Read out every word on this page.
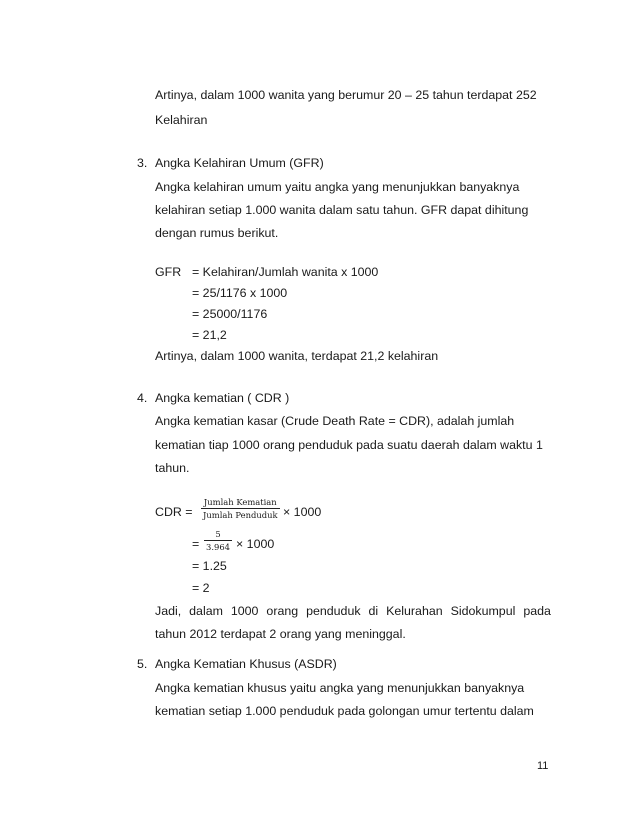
Artinya, dalam 1000 wanita yang berumur 20 – 25 tahun terdapat 252
Kelahiran
3. Angka Kelahiran Umum (GFR)
Angka kelahiran umum yaitu angka yang menunjukkan banyaknya
kelahiran setiap 1.000 wanita dalam satu tahun. GFR dapat dihitung
dengan rumus berikut.
GFR = Kelahiran/Jumlah wanita x 1000
= 25/1176 x 1000
= 25000/1176
= 21,2
Artinya, dalam 1000 wanita, terdapat 21,2 kelahiran
4. Angka kematian ( CDR )
Angka kematian kasar (Crude Death Rate = CDR), adalah jumlah
kematian tiap 1000 orang penduduk pada suatu daerah dalam waktu 1
tahun.
CDR =
Jumlah Kematian
Jumlah Penduduk × 1000
=
5
3.964 × 1000
= 1.25
= 2
Jadi, dalam 1000 orang penduduk di Kelurahan Sidokumpul pada
tahun 2012 terdapat 2 orang yang meninggal.
5. Angka Kematian Khusus (ASDR)
Angka kematian khusus yaitu angka yang menunjukkan banyaknya
kematian setiap 1.000 penduduk pada golongan umur tertentu dalam
11
